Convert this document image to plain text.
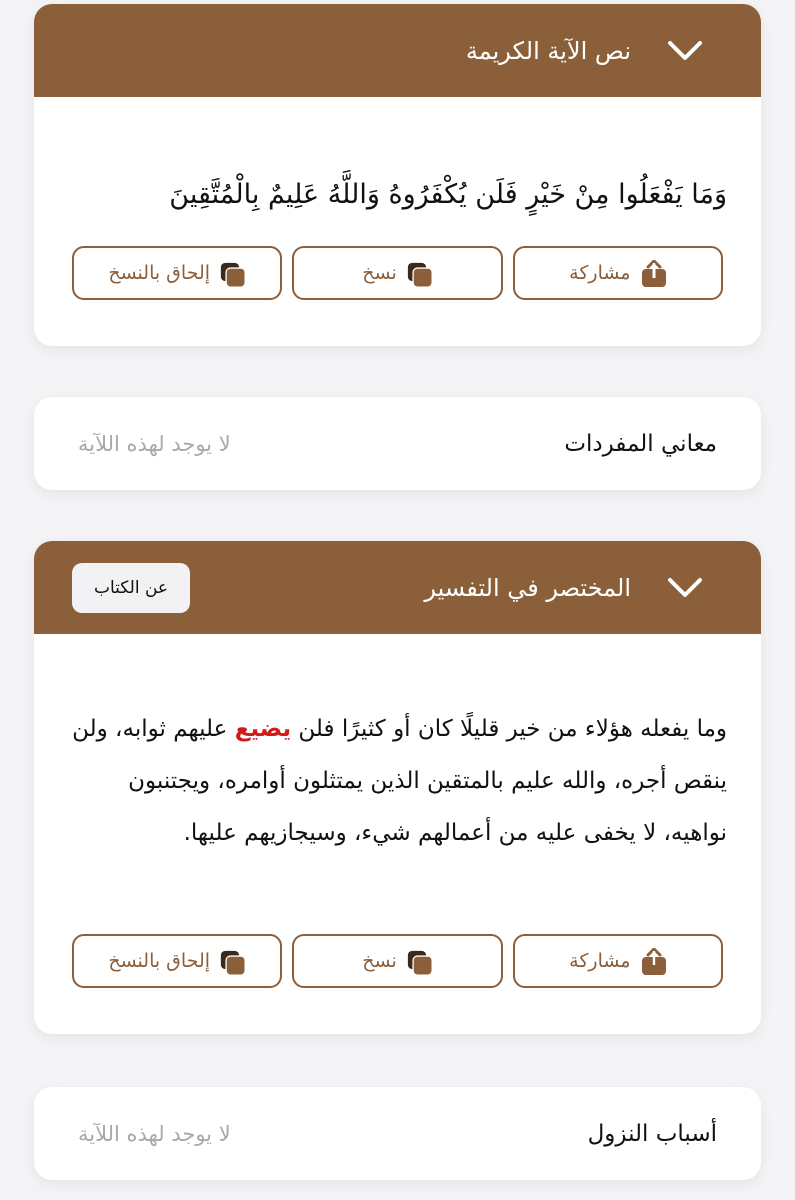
نص الآية الكريمة
وَمَا يَفْعَلُوا مِنْ خَيْرٍ فَلَن يُكْفَرُوهُ وَاللَّهُ عَلِيمٌ بِالْمُتَّقِينَ
مشاركة
نسخ
إلحاق بالنسخ
معاني المفردات
لا يوجد لهذه اللآية
المختصر في التفسير
عن الكتاب
وما يفعله هؤلاء من خير قليلًا كان أو كثيرًا فلن يضيع عليهم ثوابه، ولن ينقص أجره، والله عليم بالمتقين الذين يمتثلون أوامره، ويجتنبون نواهيه، لا يخفى عليه من أعمالهم شيء، وسيجازيهم عليها.
مشاركة
نسخ
إلحاق بالنسخ
أسباب النزول
لا يوجد لهذه اللآية
